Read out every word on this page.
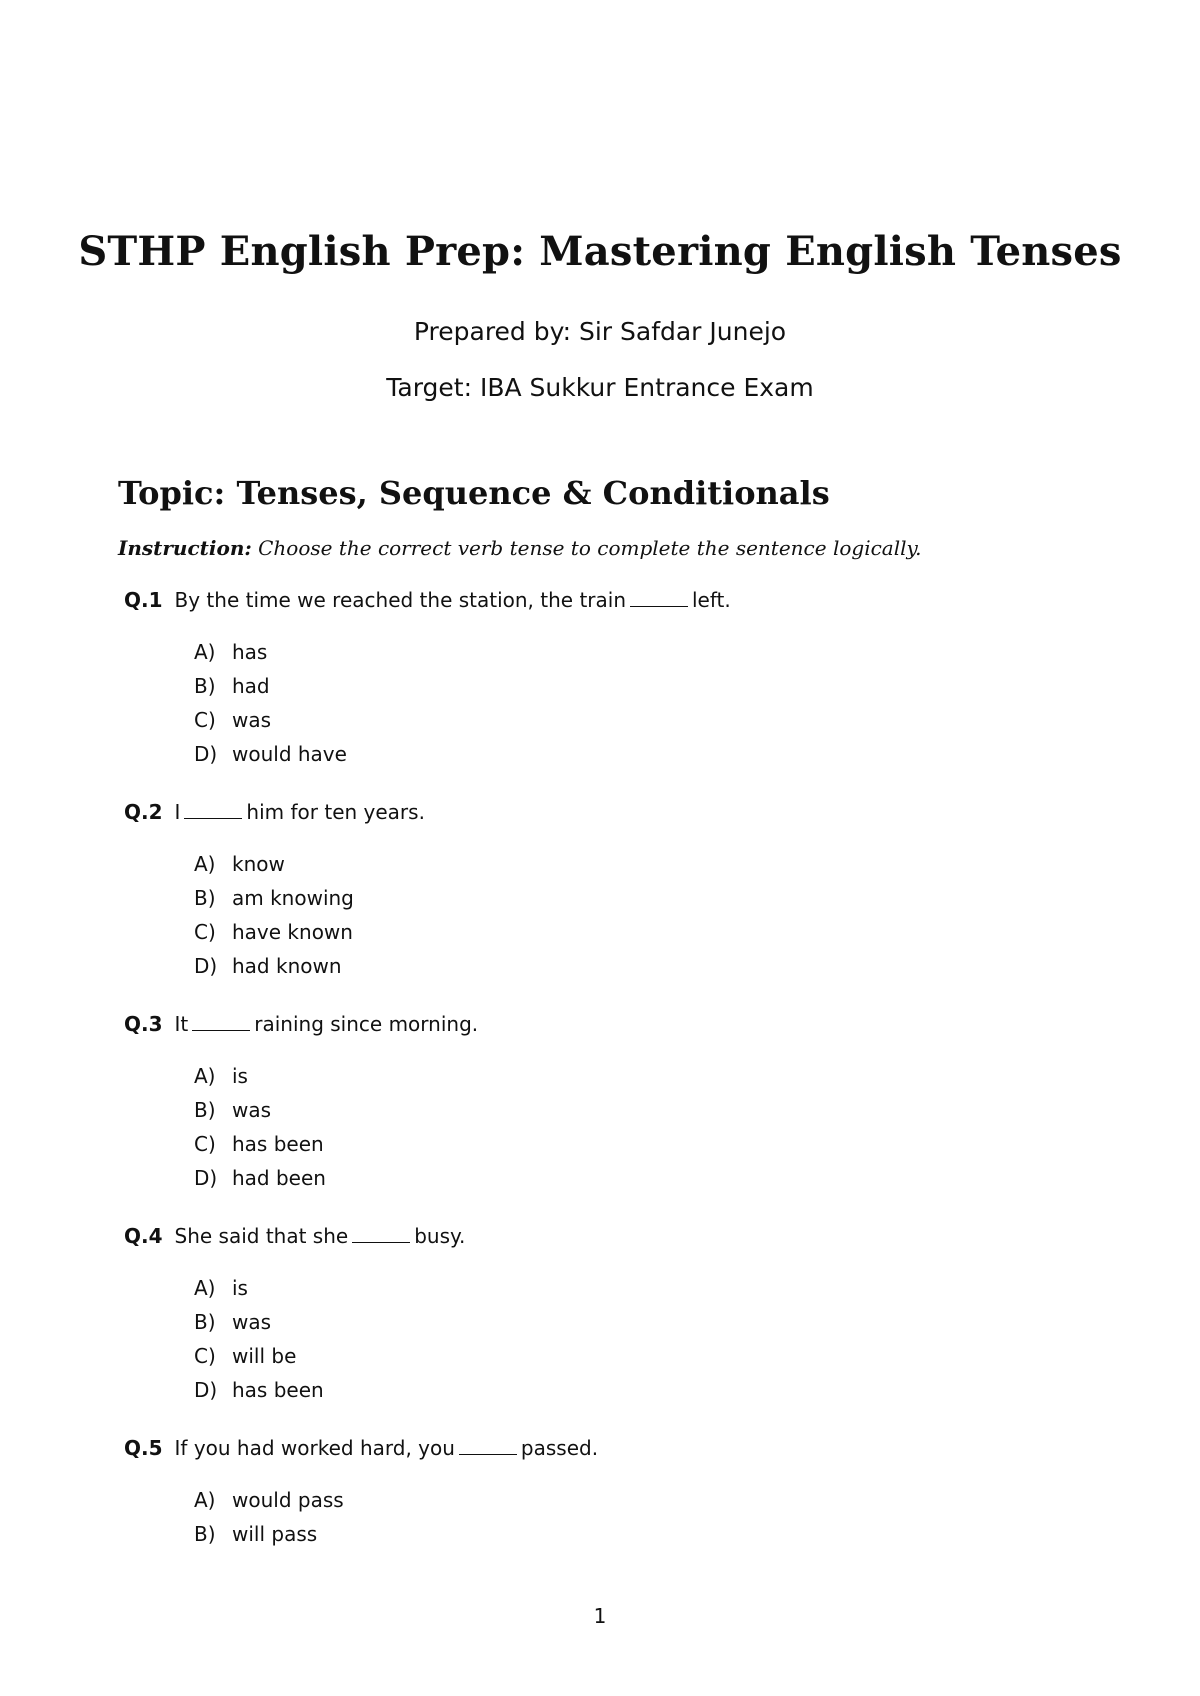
STHP English Prep: Mastering English Tenses
Prepared by: Sir Safdar Junejo
Target: IBA Sukkur Entrance Exam
Topic: Tenses, Sequence & Conditionals
Instruction: Choose the correct verb tense to complete the sentence logically.
Q.1 By the time we reached the station, the train	left.
A) has
B) had
C) was
D) would have
Q.2 I	him for ten years.
A) know
B) am knowing
C) have known
D) had known
Q.3 It	raining since morning.
A) is
B) was
C) has been
D) had been
Q.4 She said that she	busy.
A) is
B) was
C) will be
D) has been
Q.5 If you had worked hard, you	passed.
A) would pass
B) will pass
1
